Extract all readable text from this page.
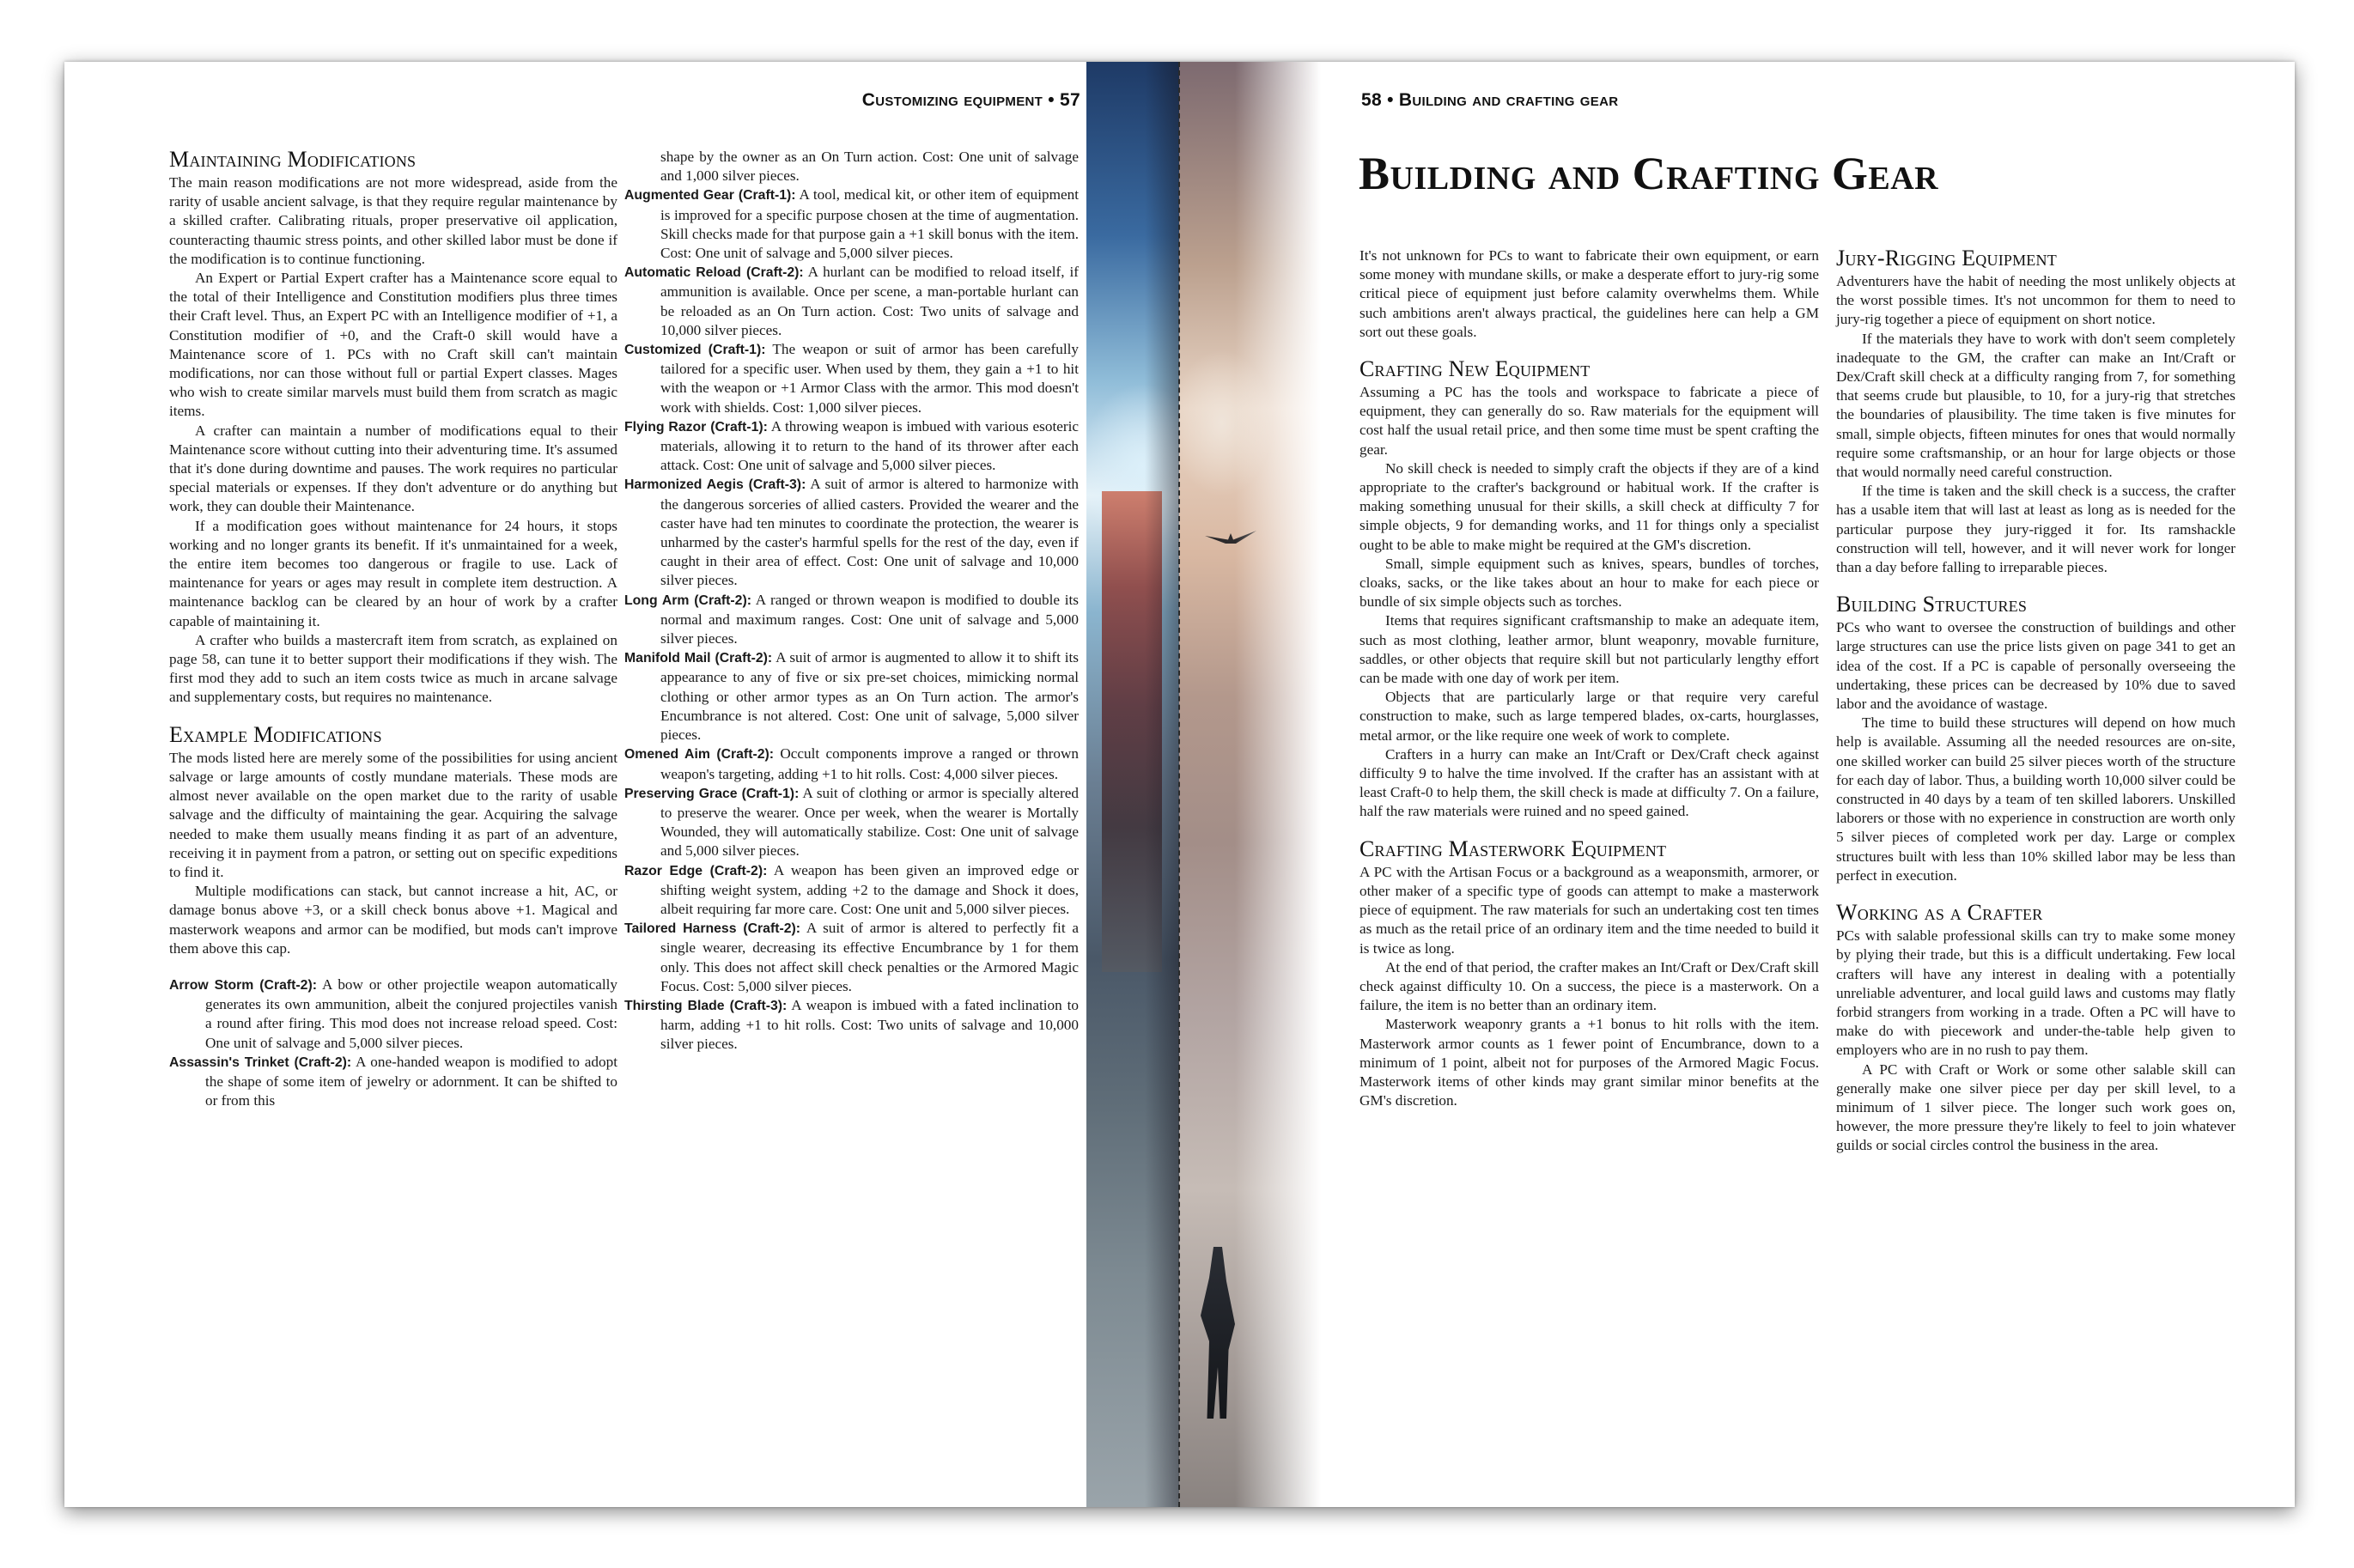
Customizing equipment • 57
Maintaining Modifications

The main reason modifications are not more widespread, aside from the rarity of usable ancient salvage, is that they require regular maintenance by a skilled crafter. Calibrating rituals, proper preservative oil application, counteracting thaumic stress points, and other skilled labor must be done if the modification is to continue functioning.

An Expert or Partial Expert crafter has a Maintenance score equal to the total of their Intelligence and Constitution modifiers plus three times their Craft level. Thus, an Expert PC with an Intelligence modifier of +1, a Constitution modifier of +0, and the Craft-0 skill would have a Maintenance score of 1. PCs with no Craft skill can't maintain modifications, nor can those without full or partial Expert classes. Mages who wish to create similar marvels must build them from scratch as magic items.

A crafter can maintain a number of modifications equal to their Maintenance score without cutting into their adventuring time. It's assumed that it's done during downtime and pauses. The work requires no particular special materials or expenses. If they don't adventure or do anything but work, they can double their Maintenance.

If a modification goes without maintenance for 24 hours, it stops working and no longer grants its benefit. If it's unmaintained for a week, the entire item becomes too dangerous or fragile to use. Lack of maintenance for years or ages may result in complete item destruction. A maintenance backlog can be cleared by an hour of work by a crafter capable of maintaining it.

A crafter who builds a mastercraft item from scratch, as explained on page 58, can tune it to better support their modifications if they wish. The first mod they add to such an item costs twice as much in arcane salvage and supplementary costs, but requires no maintenance.

Example Modifications

The mods listed here are merely some of the possibilities for using ancient salvage or large amounts of costly mundane materials. These mods are almost never available on the open market due to the rarity of usable salvage and the difficulty of maintaining the gear. Acquiring the salvage needed to make them usually means finding it as part of an adventure, receiving it in payment from a patron, or setting out on specific expeditions to find it.

Multiple modifications can stack, but cannot increase a hit, AC, or damage bonus above +3, or a skill check bonus above +1. Magical and masterwork weapons and armor can be modified, but mods can't improve them above this cap.

Arrow Storm (Craft-2): A bow or other projectile weapon automatically generates its own ammunition, albeit the conjured projectiles vanish a round after firing. This mod does not increase reload speed. Cost: One unit of salvage and 5,000 silver pieces.

Assassin's Trinket (Craft-2): A one-handed weapon is modified to adopt the shape of some item of jewelry or adornment. It can be shifted to or from this

shape by the owner as an On Turn action. Cost: One unit of salvage and 1,000 silver pieces.

Augmented Gear (Craft-1): A tool, medical kit, or other item of equipment is improved for a specific purpose chosen at the time of augmentation. Skill checks made for that purpose gain a +1 skill bonus with the item. Cost: One unit of salvage and 5,000 silver pieces.

Automatic Reload (Craft-2): A hurlant can be modified to reload itself, if ammunition is available. Once per scene, a man-portable hurlant can be reloaded as an On Turn action. Cost: Two units of salvage and 10,000 silver pieces.

Customized (Craft-1): The weapon or suit of armor has been carefully tailored for a specific user. When used by them, they gain a +1 to hit with the weapon or +1 Armor Class with the armor. This mod doesn't work with shields. Cost: 1,000 silver pieces.

Flying Razor (Craft-1): A throwing weapon is imbued with various esoteric materials, allowing it to return to the hand of its thrower after each attack. Cost: One unit of salvage and 5,000 silver pieces.

Harmonized Aegis (Craft-3): A suit of armor is altered to harmonize with the dangerous sorceries of allied casters. Provided the wearer and the caster have had ten minutes to coordinate the protection, the wearer is unharmed by the caster's harmful spells for the rest of the day, even if caught in their area of effect. Cost: One unit of salvage and 10,000 silver pieces.

Long Arm (Craft-2): A ranged or thrown weapon is modified to double its normal and maximum ranges. Cost: One unit of salvage and 5,000 silver pieces.

Manifold Mail (Craft-2): A suit of armor is augmented to allow it to shift its appearance to any of five or six pre-set choices, mimicking normal clothing or other armor types as an On Turn action. The armor's Encumbrance is not altered. Cost: One unit of salvage, 5,000 silver pieces.

Omened Aim (Craft-2): Occult components improve a ranged or thrown weapon's targeting, adding +1 to hit rolls. Cost: 4,000 silver pieces.

Preserving Grace (Craft-1): A suit of clothing or armor is specially altered to preserve the wearer. Once per week, when the wearer is Mortally Wounded, they will automatically stabilize. Cost: One unit of salvage and 5,000 silver pieces.

Razor Edge (Craft-2): A weapon has been given an improved edge or shifting weight system, adding +2 to the damage and Shock it does, albeit requiring far more care. Cost: One unit and 5,000 silver pieces.

Tailored Harness (Craft-2): A suit of armor is altered to perfectly fit a single wearer, decreasing its effective Encumbrance by 1 for them only. This does not affect skill check penalties or the Armored Magic Focus. Cost: 5,000 silver pieces.

Thirsting Blade (Craft-3): A weapon is imbued with a fated inclination to harm, adding +1 to hit rolls. Cost: Two units of salvage and 10,000 silver pieces.

58 • Building and crafting gear
Building and Crafting Gear

It's not unknown for PCs to want to fabricate their own equipment, or earn some money with mundane skills, or make a desperate effort to jury-rig some critical piece of equipment just before calamity overwhelms them. While such ambitions aren't always practical, the guidelines here can help a GM sort out these goals.

Crafting New Equipment

Assuming a PC has the tools and workspace to fabricate a piece of equipment, they can generally do so. Raw materials for the equipment will cost half the usual retail price, and then some time must be spent crafting the gear.

No skill check is needed to simply craft the objects if they are of a kind appropriate to the crafter's background or habitual work. If the crafter is making something unusual for their skills, a skill check at difficulty 7 for simple objects, 9 for demanding works, and 11 for things only a specialist ought to be able to make might be required at the GM's discretion.

Small, simple equipment such as knives, spears, bundles of torches, cloaks, sacks, or the like takes about an hour to make for each piece or bundle of six simple objects such as torches.

Items that requires significant craftsmanship to make an adequate item, such as most clothing, leather armor, blunt weaponry, movable furniture, saddles, or other objects that require skill but not particularly lengthy effort can be made with one day of work per item.

Objects that are particularly large or that require very careful construction to make, such as large tempered blades, ox-carts, hourglasses, metal armor, or the like require one week of work to complete.

Crafters in a hurry can make an Int/Craft or Dex/Craft check against difficulty 9 to halve the time involved. If the crafter has an assistant with at least Craft-0 to help them, the skill check is made at difficulty 7. On a failure, half the raw materials were ruined and no speed gained.

Crafting Masterwork Equipment

A PC with the Artisan Focus or a background as a weaponsmith, armorer, or other maker of a specific type of goods can attempt to make a masterwork piece of equipment. The raw materials for such an undertaking cost ten times as much as the retail price of an ordinary item and the time needed to build it is twice as long.

At the end of that period, the crafter makes an Int/Craft or Dex/Craft skill check against difficulty 10. On a success, the piece is a masterwork. On a failure, the item is no better than an ordinary item.

Masterwork weaponry grants a +1 bonus to hit rolls with the item. Masterwork armor counts as 1 fewer point of Encumbrance, down to a minimum of 1 point, albeit not for purposes of the Armored Magic Focus. Masterwork items of other kinds may grant similar minor benefits at the GM's discretion.

Jury-Rigging Equipment

Adventurers have the habit of needing the most unlikely objects at the worst possible times. It's not uncommon for them to need to jury-rig together a piece of equipment on short notice.

If the materials they have to work with don't seem completely inadequate to the GM, the crafter can make an Int/Craft or Dex/Craft skill check at a difficulty ranging from 7, for something that seems crude but plausible, to 10, for a jury-rig that stretches the boundaries of plausibility. The time taken is five minutes for small, simple objects, fifteen minutes for ones that would normally require some craftsmanship, or an hour for large objects or those that would normally need careful construction.

If the time is taken and the skill check is a success, the crafter has a usable item that will last at least as long as is needed for the particular purpose they jury-rigged it for. Its ramshackle construction will tell, however, and it will never work for longer than a day before falling to irreparable pieces.

Building Structures

PCs who want to oversee the construction of buildings and other large structures can use the price lists given on page 341 to get an idea of the cost. If a PC is capable of personally overseeing the undertaking, these prices can be decreased by 10% due to saved labor and the avoidance of wastage.

The time to build these structures will depend on how much help is available. Assuming all the needed resources are on-site, one skilled worker can build 25 silver pieces worth of the structure for each day of labor. Thus, a building worth 10,000 silver could be constructed in 40 days by a team of ten skilled laborers. Unskilled laborers or those with no experience in construction are worth only 5 silver pieces of completed work per day. Large or complex structures built with less than 10% skilled labor may be less than perfect in execution.

Working as a Crafter

PCs with salable professional skills can try to make some money by plying their trade, but this is a difficult undertaking. Few local crafters will have any interest in dealing with a potentially unreliable adventurer, and local guild laws and customs may flatly forbid strangers from working in a trade. Often a PC will have to make do with piecework and under-the-table help given to employers who are in no rush to pay them.

A PC with Craft or Work or some other salable skill can generally make one silver piece per day per skill level, to a minimum of 1 silver piece. The longer such work goes on, however, the more pressure they're likely to feel to join whatever guilds or social circles control the business in the area.
